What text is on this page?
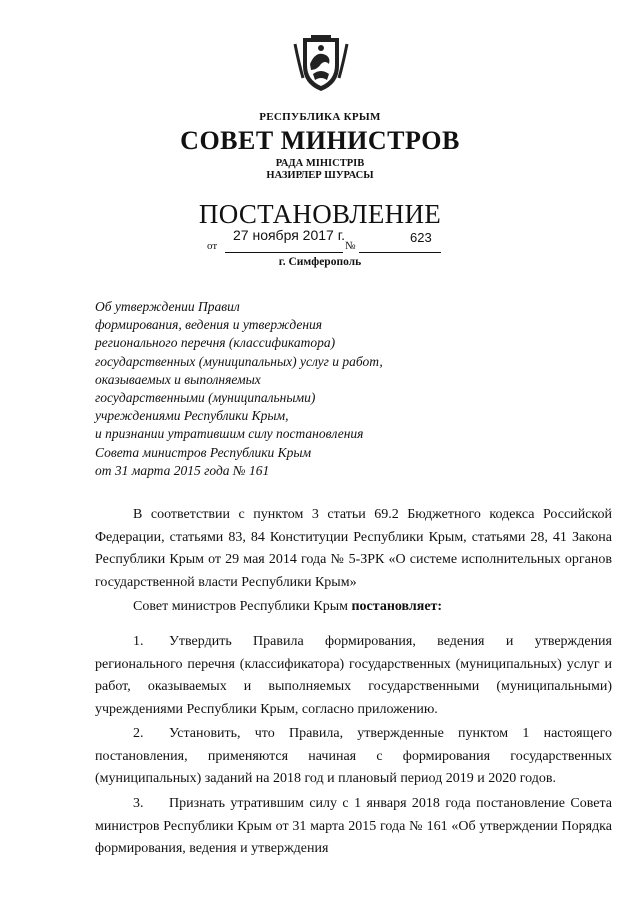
РЕСПУБЛИКА КРЫМ
СОВЕТ МИНИСТРОВ
РАДА МІНІСТРІВ
НАЗИРЛЕР ШУРАСЫ
ПОСТАНОВЛЕНИЕ
27 ноября 2017 г.	623
от	№
г. Симферополь
Об утверждении Правил
формирования, ведения и утверждения
регионального перечня (классификатора)
государственных (муниципальных) услуг и работ,
оказываемых и выполняемых
государственными (муниципальными)
учреждениями Республики Крым,
и признании утратившим силу постановления
Совета министров Республики Крым
от 31 марта 2015 года № 161
В соответствии с пунктом 3 статьи 69.2 Бюджетного кодекса Российской Федерации, статьями 83, 84 Конституции Республики Крым, статьями 28, 41 Закона Республики Крым от 29 мая 2014 года № 5-ЗРК «О системе исполнительных органов государственной власти Республики Крым»
Совет министров Республики Крым постановляет:
1. Утвердить Правила формирования, ведения и утверждения регионального перечня (классификатора) государственных (муниципальных) услуг и работ, оказываемых и выполняемых государственными (муниципальными) учреждениями Республики Крым, согласно приложению.
2. Установить, что Правила, утвержденные пунктом 1 настоящего постановления, применяются начиная с формирования государственных (муниципальных) заданий на 2018 год и плановый период 2019 и 2020 годов.
3. Признать утратившим силу с 1 января 2018 года постановление Совета министров Республики Крым от 31 марта 2015 года № 161 «Об утверждении Порядка формирования, ведения и утверждения
